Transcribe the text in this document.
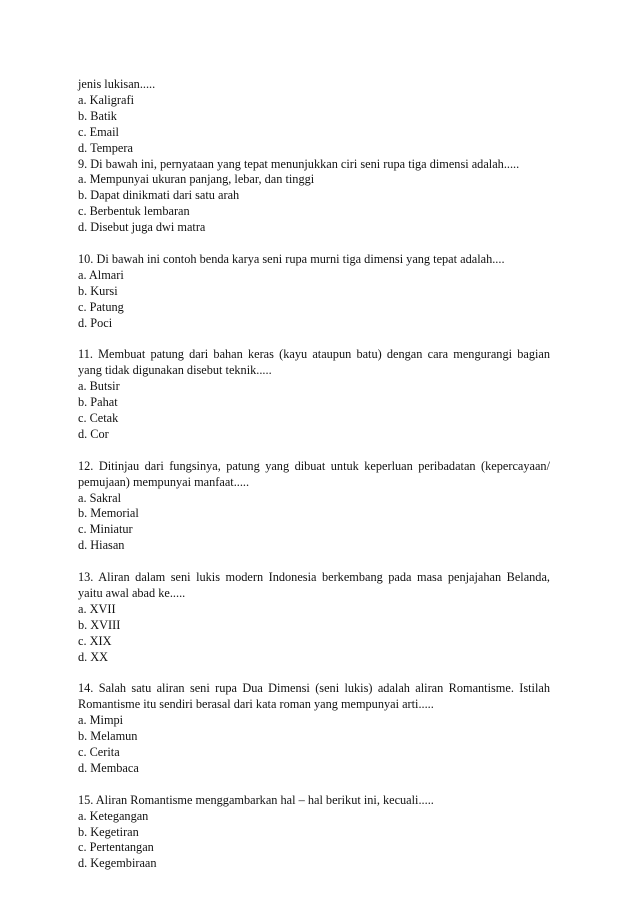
jenis lukisan.....
a. Kaligrafi
b. Batik
c. Email
d. Tempera
9. Di bawah ini, pernyataan yang tepat menunjukkan ciri seni rupa tiga dimensi adalah.....
a. Mempunyai ukuran panjang, lebar, dan tinggi
b. Dapat dinikmati dari satu arah
c. Berbentuk lembaran
d. Disebut juga dwi matra
10. Di bawah ini contoh benda karya seni rupa murni tiga dimensi yang tepat adalah....
a. Almari
b. Kursi
c. Patung
d. Poci
11. Membuat patung dari bahan keras (kayu ataupun batu) dengan cara mengurangi bagian yang tidak digunakan disebut teknik.....
a. Butsir
b. Pahat
c. Cetak
d. Cor
12. Ditinjau dari fungsinya, patung yang dibuat untuk keperluan peribadatan (kepercayaan/ pemujaan) mempunyai manfaat.....
a. Sakral
b. Memorial
c. Miniatur
d. Hiasan
13. Aliran dalam seni lukis modern Indonesia berkembang pada masa penjajahan Belanda, yaitu awal abad ke.....
a. XVII
b. XVIII
c. XIX
d. XX
14. Salah satu aliran seni rupa Dua Dimensi (seni lukis) adalah aliran Romantisme. Istilah Romantisme itu sendiri berasal dari kata roman yang mempunyai arti.....
a. Mimpi
b. Melamun
c. Cerita
d. Membaca
15. Aliran Romantisme menggambarkan hal – hal berikut ini, kecuali.....
a. Ketegangan
b. Kegetiran
c. Pertentangan
d. Kegembiraan
